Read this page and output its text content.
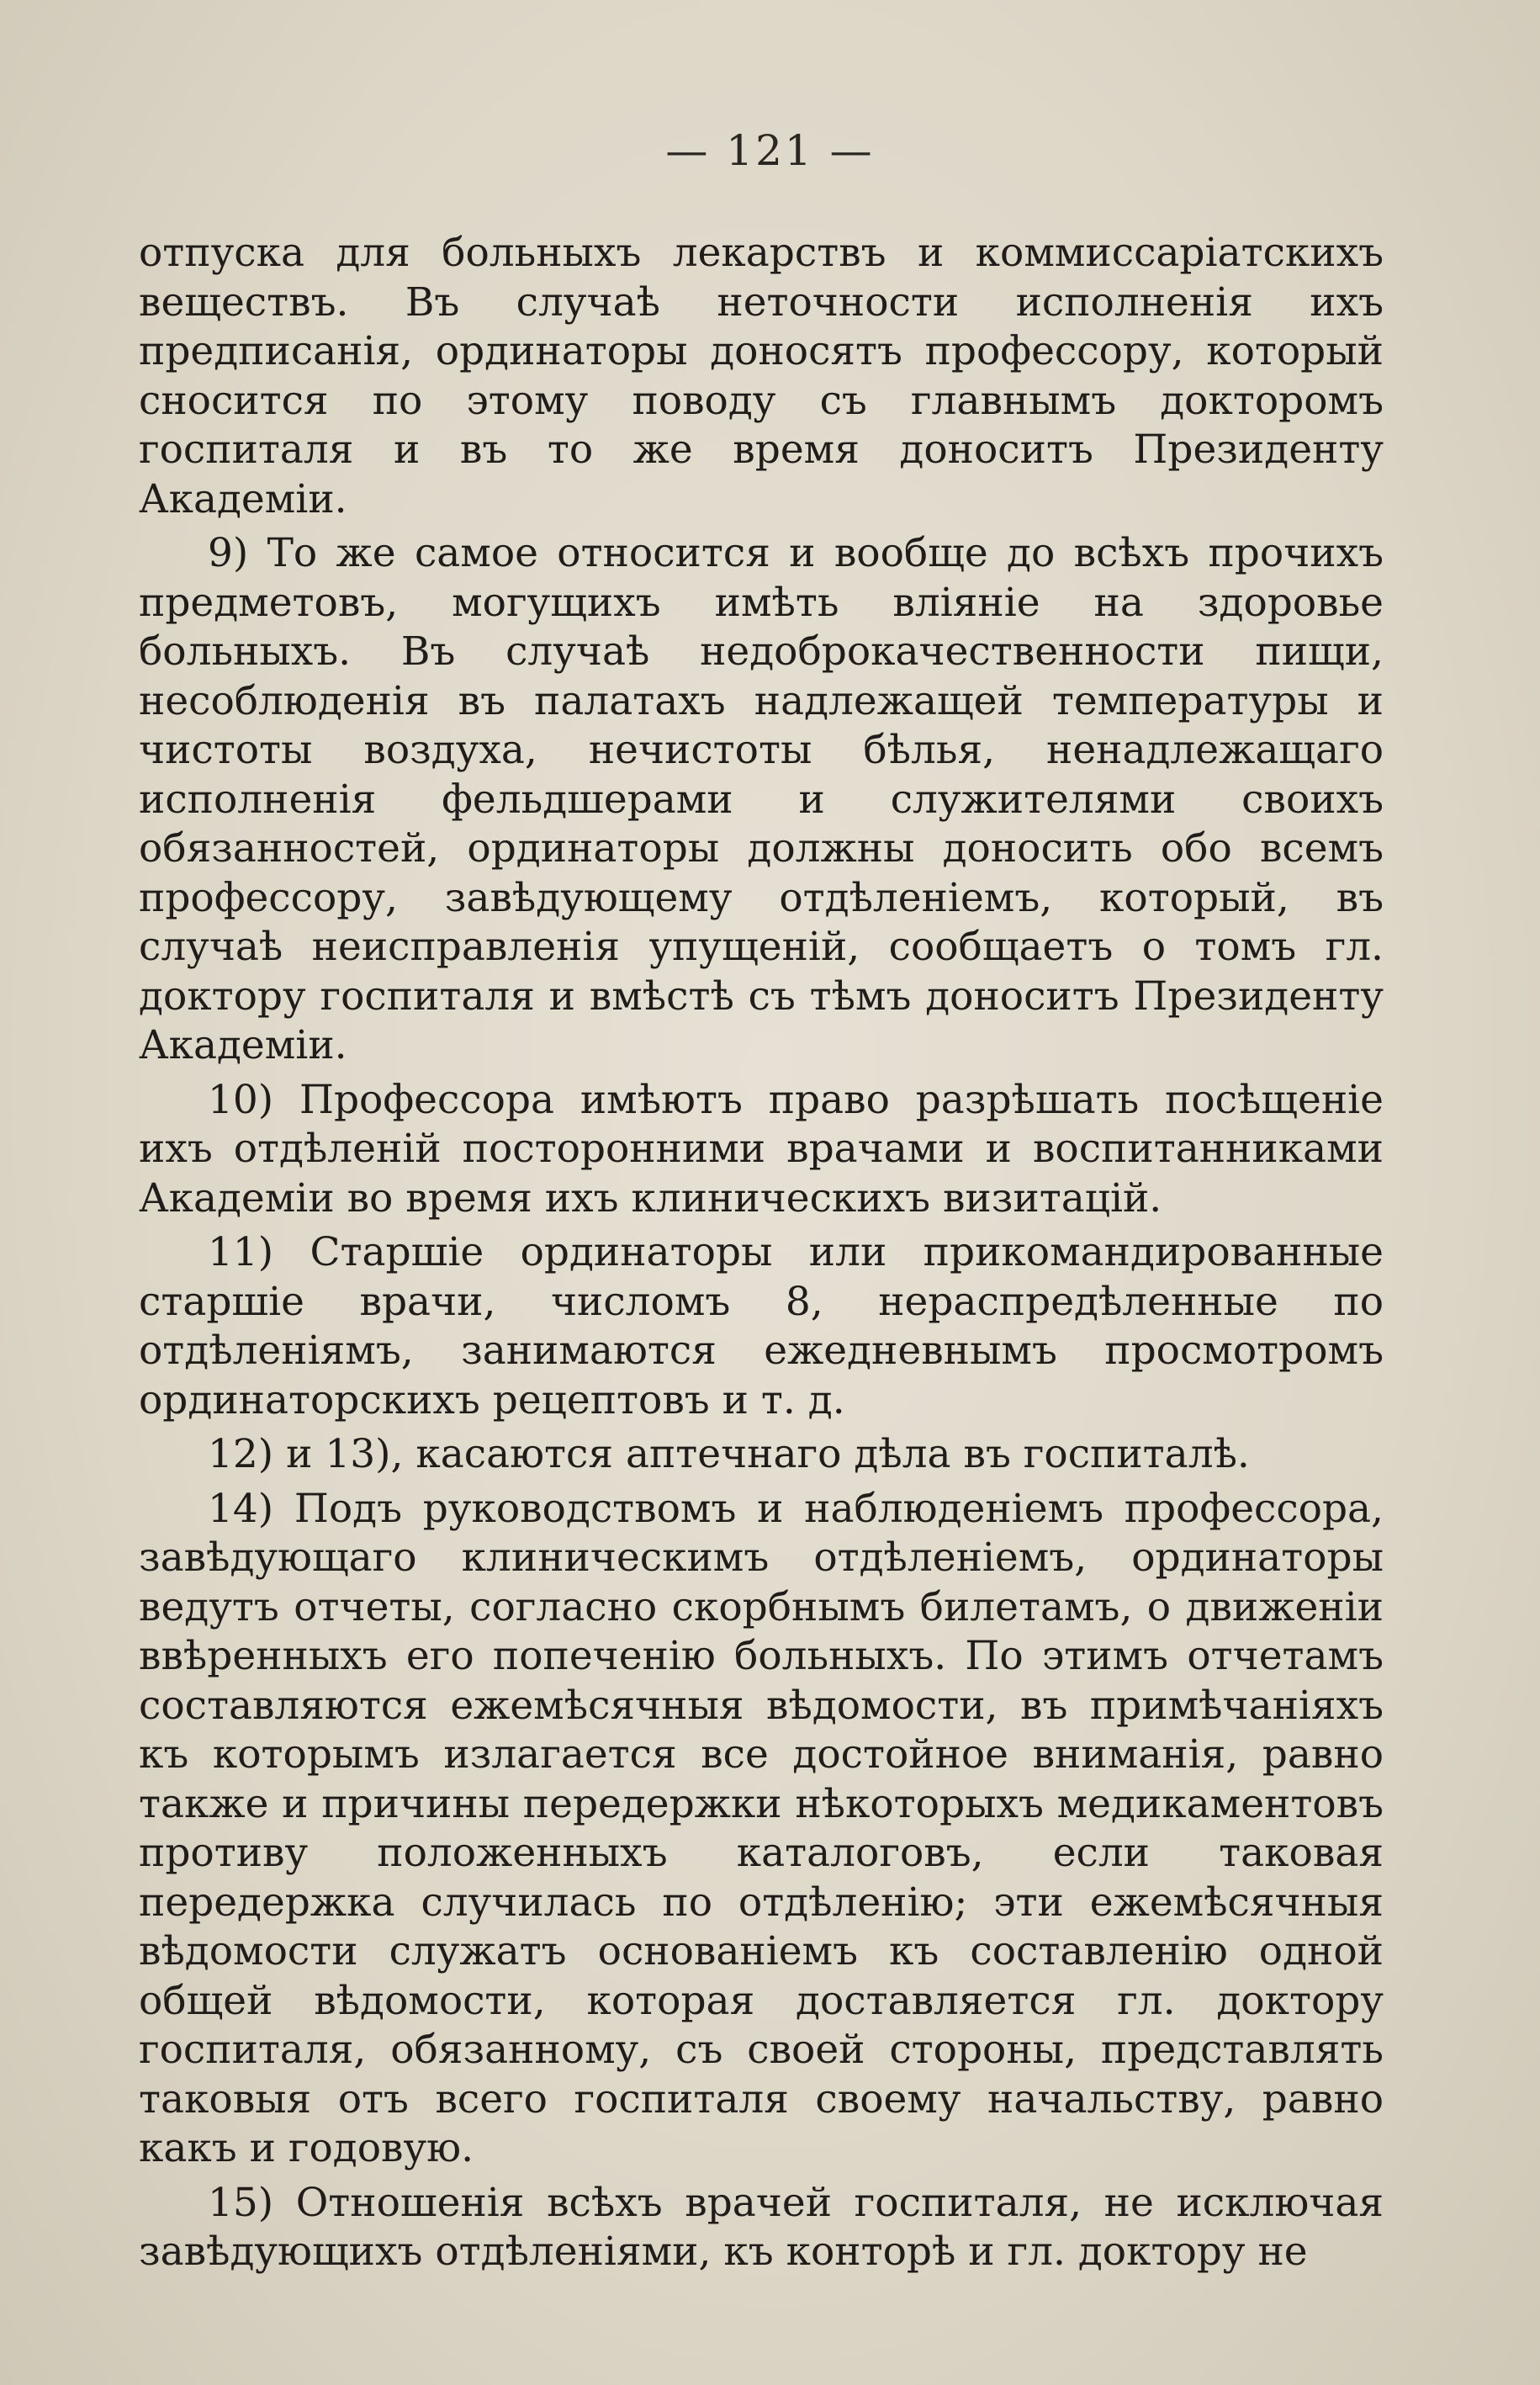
— 121 —

отпуска для больныхъ лекарствъ и коммиссаріатскихъ веществъ. Въ случаѣ неточности исполненія ихъ предписанія, ординаторы доносятъ профессору, который сносится по этому поводу съ главнымъ докторомъ госпиталя и въ то же время доноситъ Президенту Академіи.

9) То же самое относится и вообще до всѣхъ прочихъ предметовъ, могущихъ имѣть вліяніе на здоровье больныхъ. Въ случаѣ недоброкачественности пищи, несоблюденія въ палатахъ надлежащей температуры и чистоты воздуха, нечистоты бѣлья, ненадлежащаго исполненія фельдшерами и служителями своихъ обязанностей, ординаторы должны доносить обо всемъ профессору, завѣдующему отдѣленіемъ, который, въ случаѣ неисправленія упущеній, сообщаетъ о томъ гл. доктору госпиталя и вмѣстѣ съ тѣмъ доноситъ Президенту Академіи.

10) Профессора имѣютъ право разрѣшать посѣщеніе ихъ отдѣленій посторонними врачами и воспитанниками Академіи во время ихъ клиническихъ визитацій.

11) Старшіе ординаторы или прикомандированные старшіе врачи, числомъ 8, нераспредѣленные по отдѣленіямъ, занимаются ежедневнымъ просмотромъ ординаторскихъ рецептовъ и т. д.

12) и 13), касаются аптечнаго дѣла въ госпиталѣ.

14) Подъ руководствомъ и наблюденіемъ профессора, завѣдующаго клиническимъ отдѣленіемъ, ординаторы ведутъ отчеты, согласно скорбнымъ билетамъ, о движеніи ввѣренныхъ его попеченію больныхъ. По этимъ отчетамъ составляются ежемѣсячныя вѣдомости, въ примѣчаніяхъ къ которымъ излагается все достойное вниманія, равно также и причины передержки нѣкоторыхъ медикаментовъ противу положенныхъ каталоговъ, если таковая передержка случилась по отдѣленію; эти ежемѣсячныя вѣдомости служатъ основаніемъ къ составленію одной общей вѣдомости, которая доставляется гл. доктору госпиталя, обязанному, съ своей стороны, представлять таковыя отъ всего госпиталя своему начальству, равно какъ и годовую.

15) Отношенія всѣхъ врачей госпиталя, не исключая завѣдующихъ отдѣленіями, къ конторѣ и гл. доктору не
